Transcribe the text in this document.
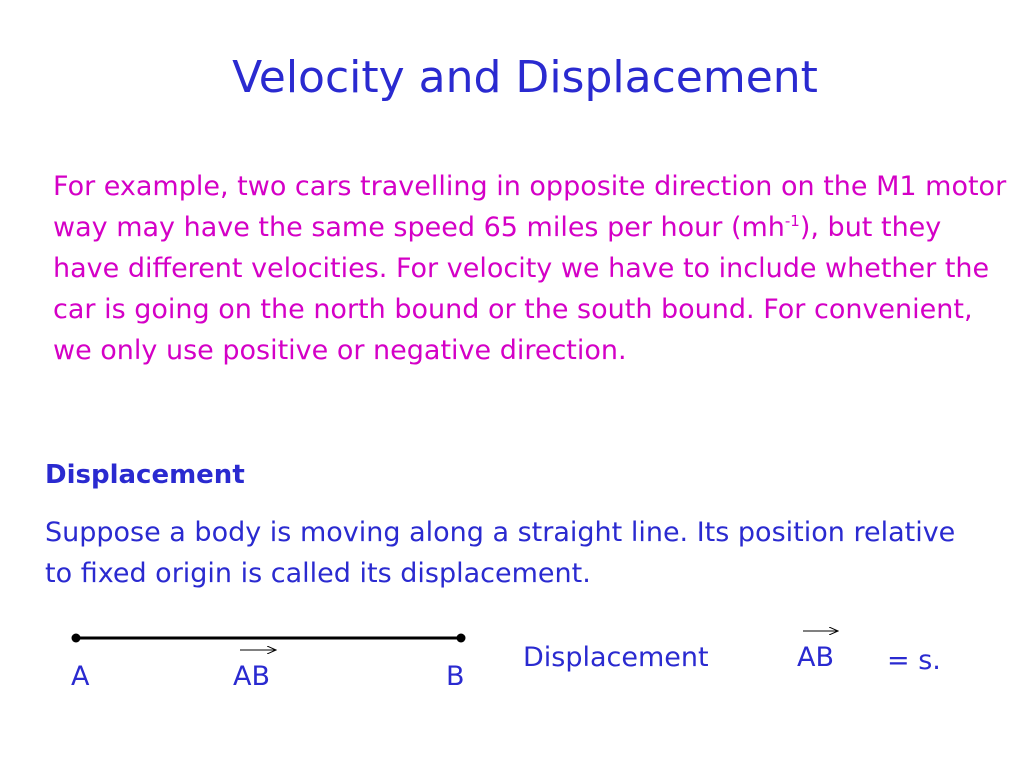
Velocity and Displacement
For example, two cars travelling in opposite direction on the M1 motor way may have the same speed 65 miles per hour $(mh^{-1})$, but they have different velocities. For velocity we have to include whether the car is going on the north bound or the south bound. For convenient, we only use positive or negative direction.
Displacement
Suppose a body is moving along a straight line. Its position relative to fixed origin is called its displacement.
A	AB	B
Displacement	AB = s.
